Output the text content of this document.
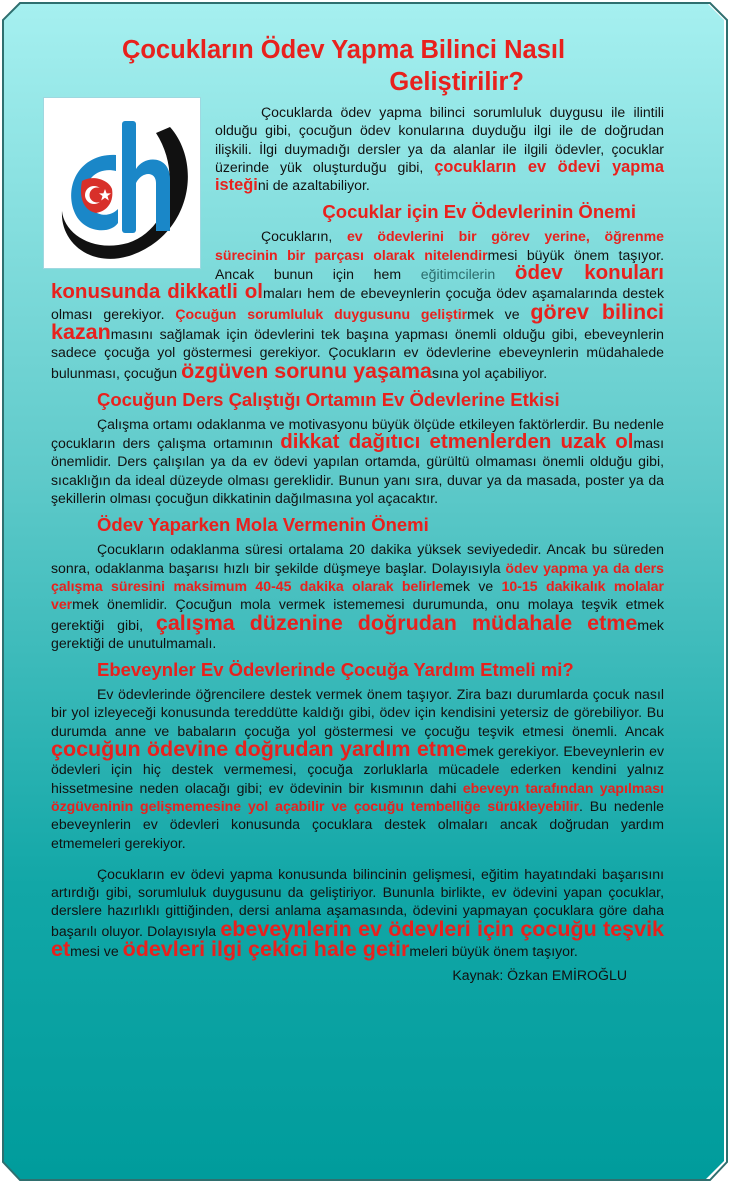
Çocukların Ödev Yapma Bilinci Nasıl
Geliştirilir?

Çocuklarda ödev yapma bilinci sorumluluk duygusu ile ilintili olduğu gibi, çocuğun ödev konularına duyduğu ilgi ile de doğrudan ilişkili. İlgi duymadığı dersler ya da alanlar ile ilgili ödevler, çocuklar üzerinde yük oluşturduğu gibi, çocukların ev ödevi yapma isteğini de azaltabiliyor.

Çocuklar için Ev Ödevlerinin Önemi

Çocukların, ev ödevlerini bir görev yerine, öğrenme sürecinin bir parçası olarak nitelendirmesi büyük önem taşıyor. Ancak bunun için hem eğitimcilerin ödev konuları konusunda dikkatli olmaları hem de ebeveynlerin çocuğa ödev aşamalarında destek olması gerekiyor. Çocuğun sorumluluk duygusunu geliştirmek ve görev bilinci kazanmasını sağlamak için ödevlerini tek başına yapması önemli olduğu gibi, ebeveynlerin sadece çocuğa yol göstermesi gerekiyor. Çocukların ev ödevlerine ebeveynlerin müdahalede bulunması, çocuğun özgüven sorunu yaşamasına yol açabiliyor.

Çocuğun Ders Çalıştığı Ortamın Ev Ödevlerine Etkisi

Çalışma ortamı odaklanma ve motivasyonu büyük ölçüde etkileyen faktörlerdir. Bu nedenle çocukların ders çalışma ortamının dikkat dağıtıcı etmenlerden uzak olması önemlidir. Ders çalışılan ya da ev ödevi yapılan ortamda, gürültü olmaması önemli olduğu gibi, sıcaklığın da ideal düzeyde olması gereklidir. Bunun yanı sıra, duvar ya da masada, poster ya da şekillerin olması çocuğun dikkatinin dağılmasına yol açacaktır.

Ödev Yaparken Mola Vermenin Önemi

Çocukların odaklanma süresi ortalama 20 dakika yüksek seviyededir. Ancak bu süreden sonra, odaklanma başarısı hızlı bir şekilde düşmeye başlar. Dolayısıyla ödev yapma ya da ders çalışma süresini maksimum 40-45 dakika olarak belirlemek ve 10-15 dakikalık molalar vermek önemlidir. Çocuğun mola vermek istememesi durumunda, onu molaya teşvik etmek gerektiği gibi, çalışma düzenine doğrudan müdahale etmemek gerektiği de unutulmamalı.

Ebeveynler Ev Ödevlerinde Çocuğa Yardım Etmeli mi?

Ev ödevlerinde öğrencilere destek vermek önem taşıyor. Zira bazı durumlarda çocuk nasıl bir yol izleyeceği konusunda tereddütte kaldığı gibi, ödev için kendisini yetersiz de görebiliyor. Bu durumda anne ve babaların çocuğa yol göstermesi ve çocuğu teşvik etmesi önemli. Ancak çocuğun ödevine doğrudan yardım etmemek gerekiyor. Ebeveynlerin ev ödevleri için hiç destek vermemesi, çocuğa zorluklarla mücadele ederken kendini yalnız hissetmesine neden olacağı gibi; ev ödevinin bir kısmının dahi ebeveyn tarafından yapılması özgüveninin gelişmemesine yol açabilir ve çocuğu tembelliğe sürükleyebilir. Bu nedenle ebeveynlerin ev ödevleri konusunda çocuklara destek olmaları ancak doğrudan yardım etmemeleri gerekiyor.

Çocukların ev ödevi yapma konusunda bilincinin gelişmesi, eğitim hayatındaki başarısını artırdığı gibi, sorumluluk duygusunu da geliştiriyor. Bununla birlikte, ev ödevini yapan çocuklar, derslere hazırlıklı gittiğinden, dersi anlama aşamasında, ödevini yapmayan çocuklara göre daha başarılı oluyor. Dolayısıyla ebeveynlerin ev ödevleri için çocuğu teşvik etmesi ve ödevleri ilgi çekici hale getirmeleri büyük önem taşıyor.

Kaynak: Özkan EMİROĞLU
